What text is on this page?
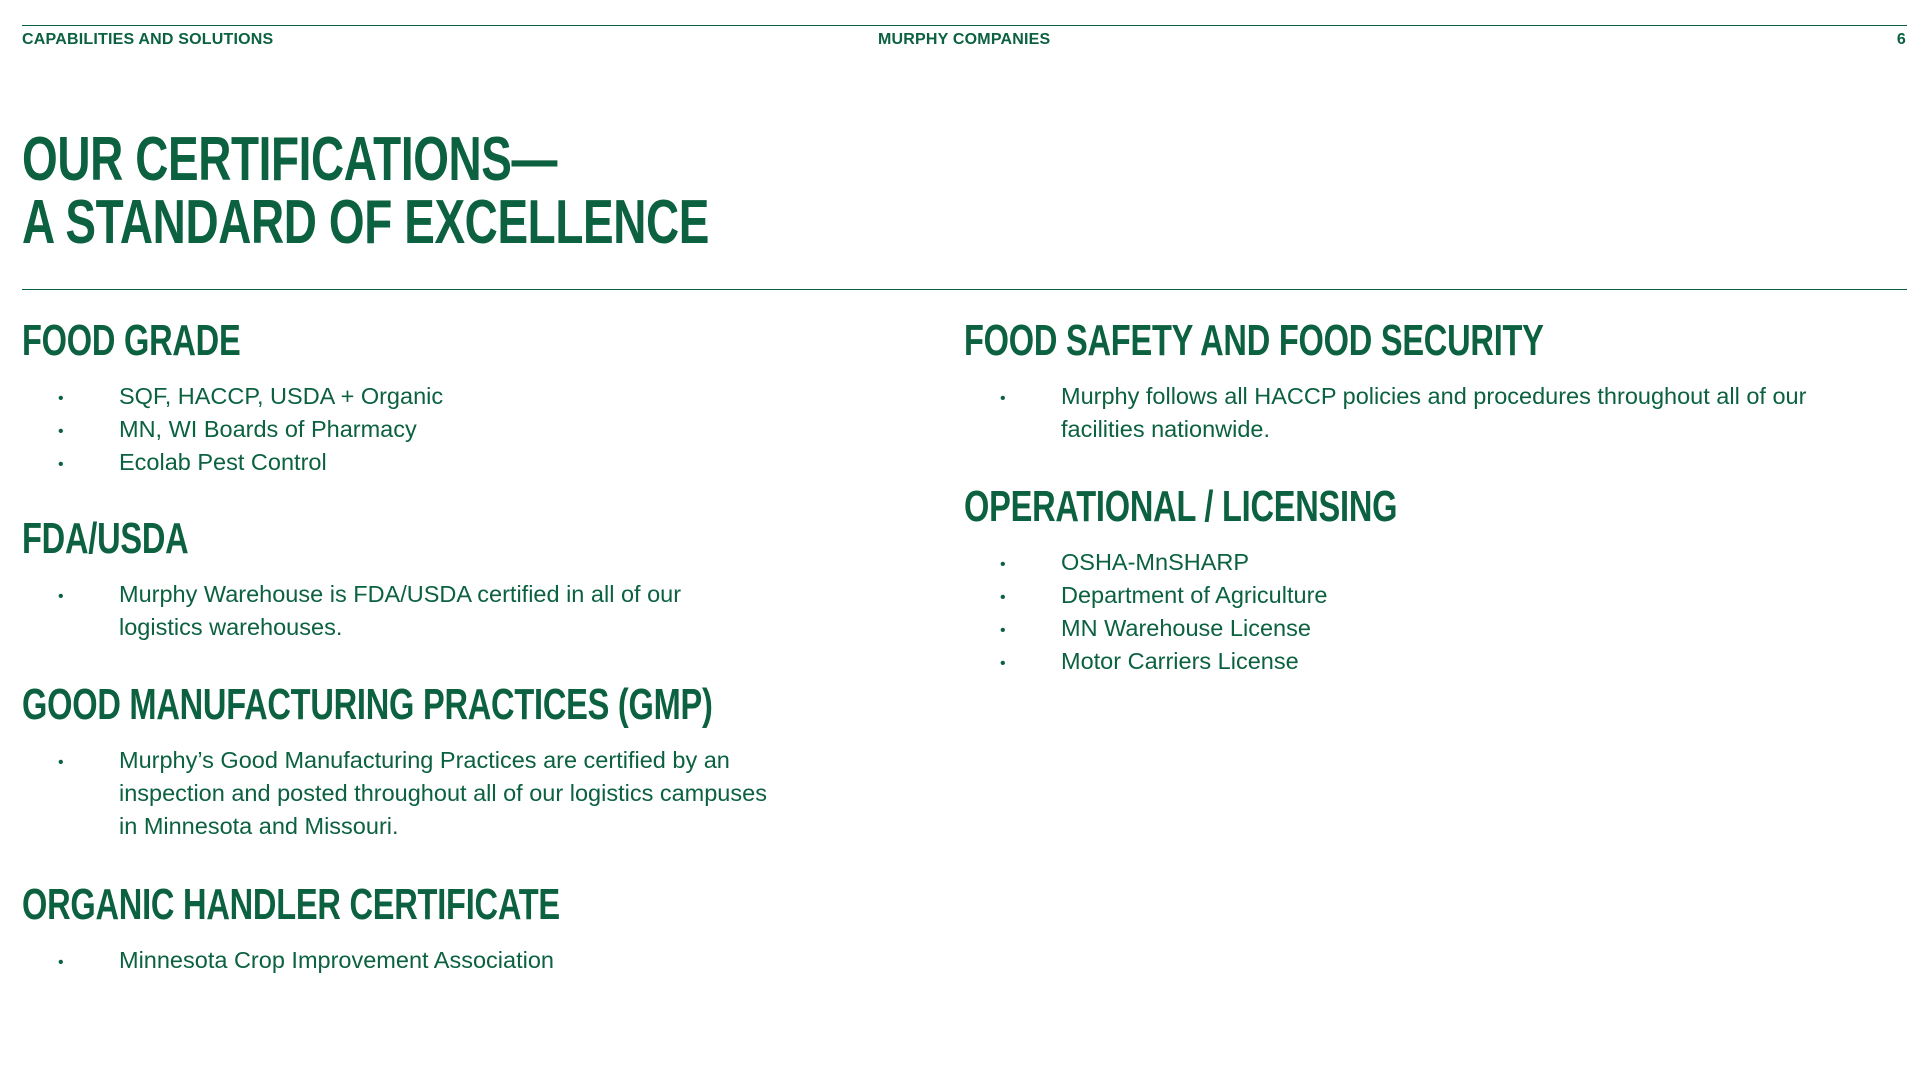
CAPABILITIES AND SOLUTIONS	MURPHY COMPANIES	6
OUR CERTIFICATIONS—
A STANDARD OF EXCELLENCE
FOOD GRADE
• SQF, HACCP, USDA + Organic
• MN, WI Boards of Pharmacy
• Ecolab Pest Control
FDA/USDA
• Murphy Warehouse is FDA/USDA certified in all of our logistics warehouses.
GOOD MANUFACTURING PRACTICES (GMP)
• Murphy’s Good Manufacturing Practices are certified by an inspection and posted throughout all of our logistics campuses in Minnesota and Missouri.
ORGANIC HANDLER CERTIFICATE
• Minnesota Crop Improvement Association
FOOD SAFETY AND FOOD SECURITY
• Murphy follows all HACCP policies and procedures throughout all of our facilities nationwide.
OPERATIONAL / LICENSING
• OSHA-MnSHARP
• Department of Agriculture
• MN Warehouse License
• Motor Carriers License
